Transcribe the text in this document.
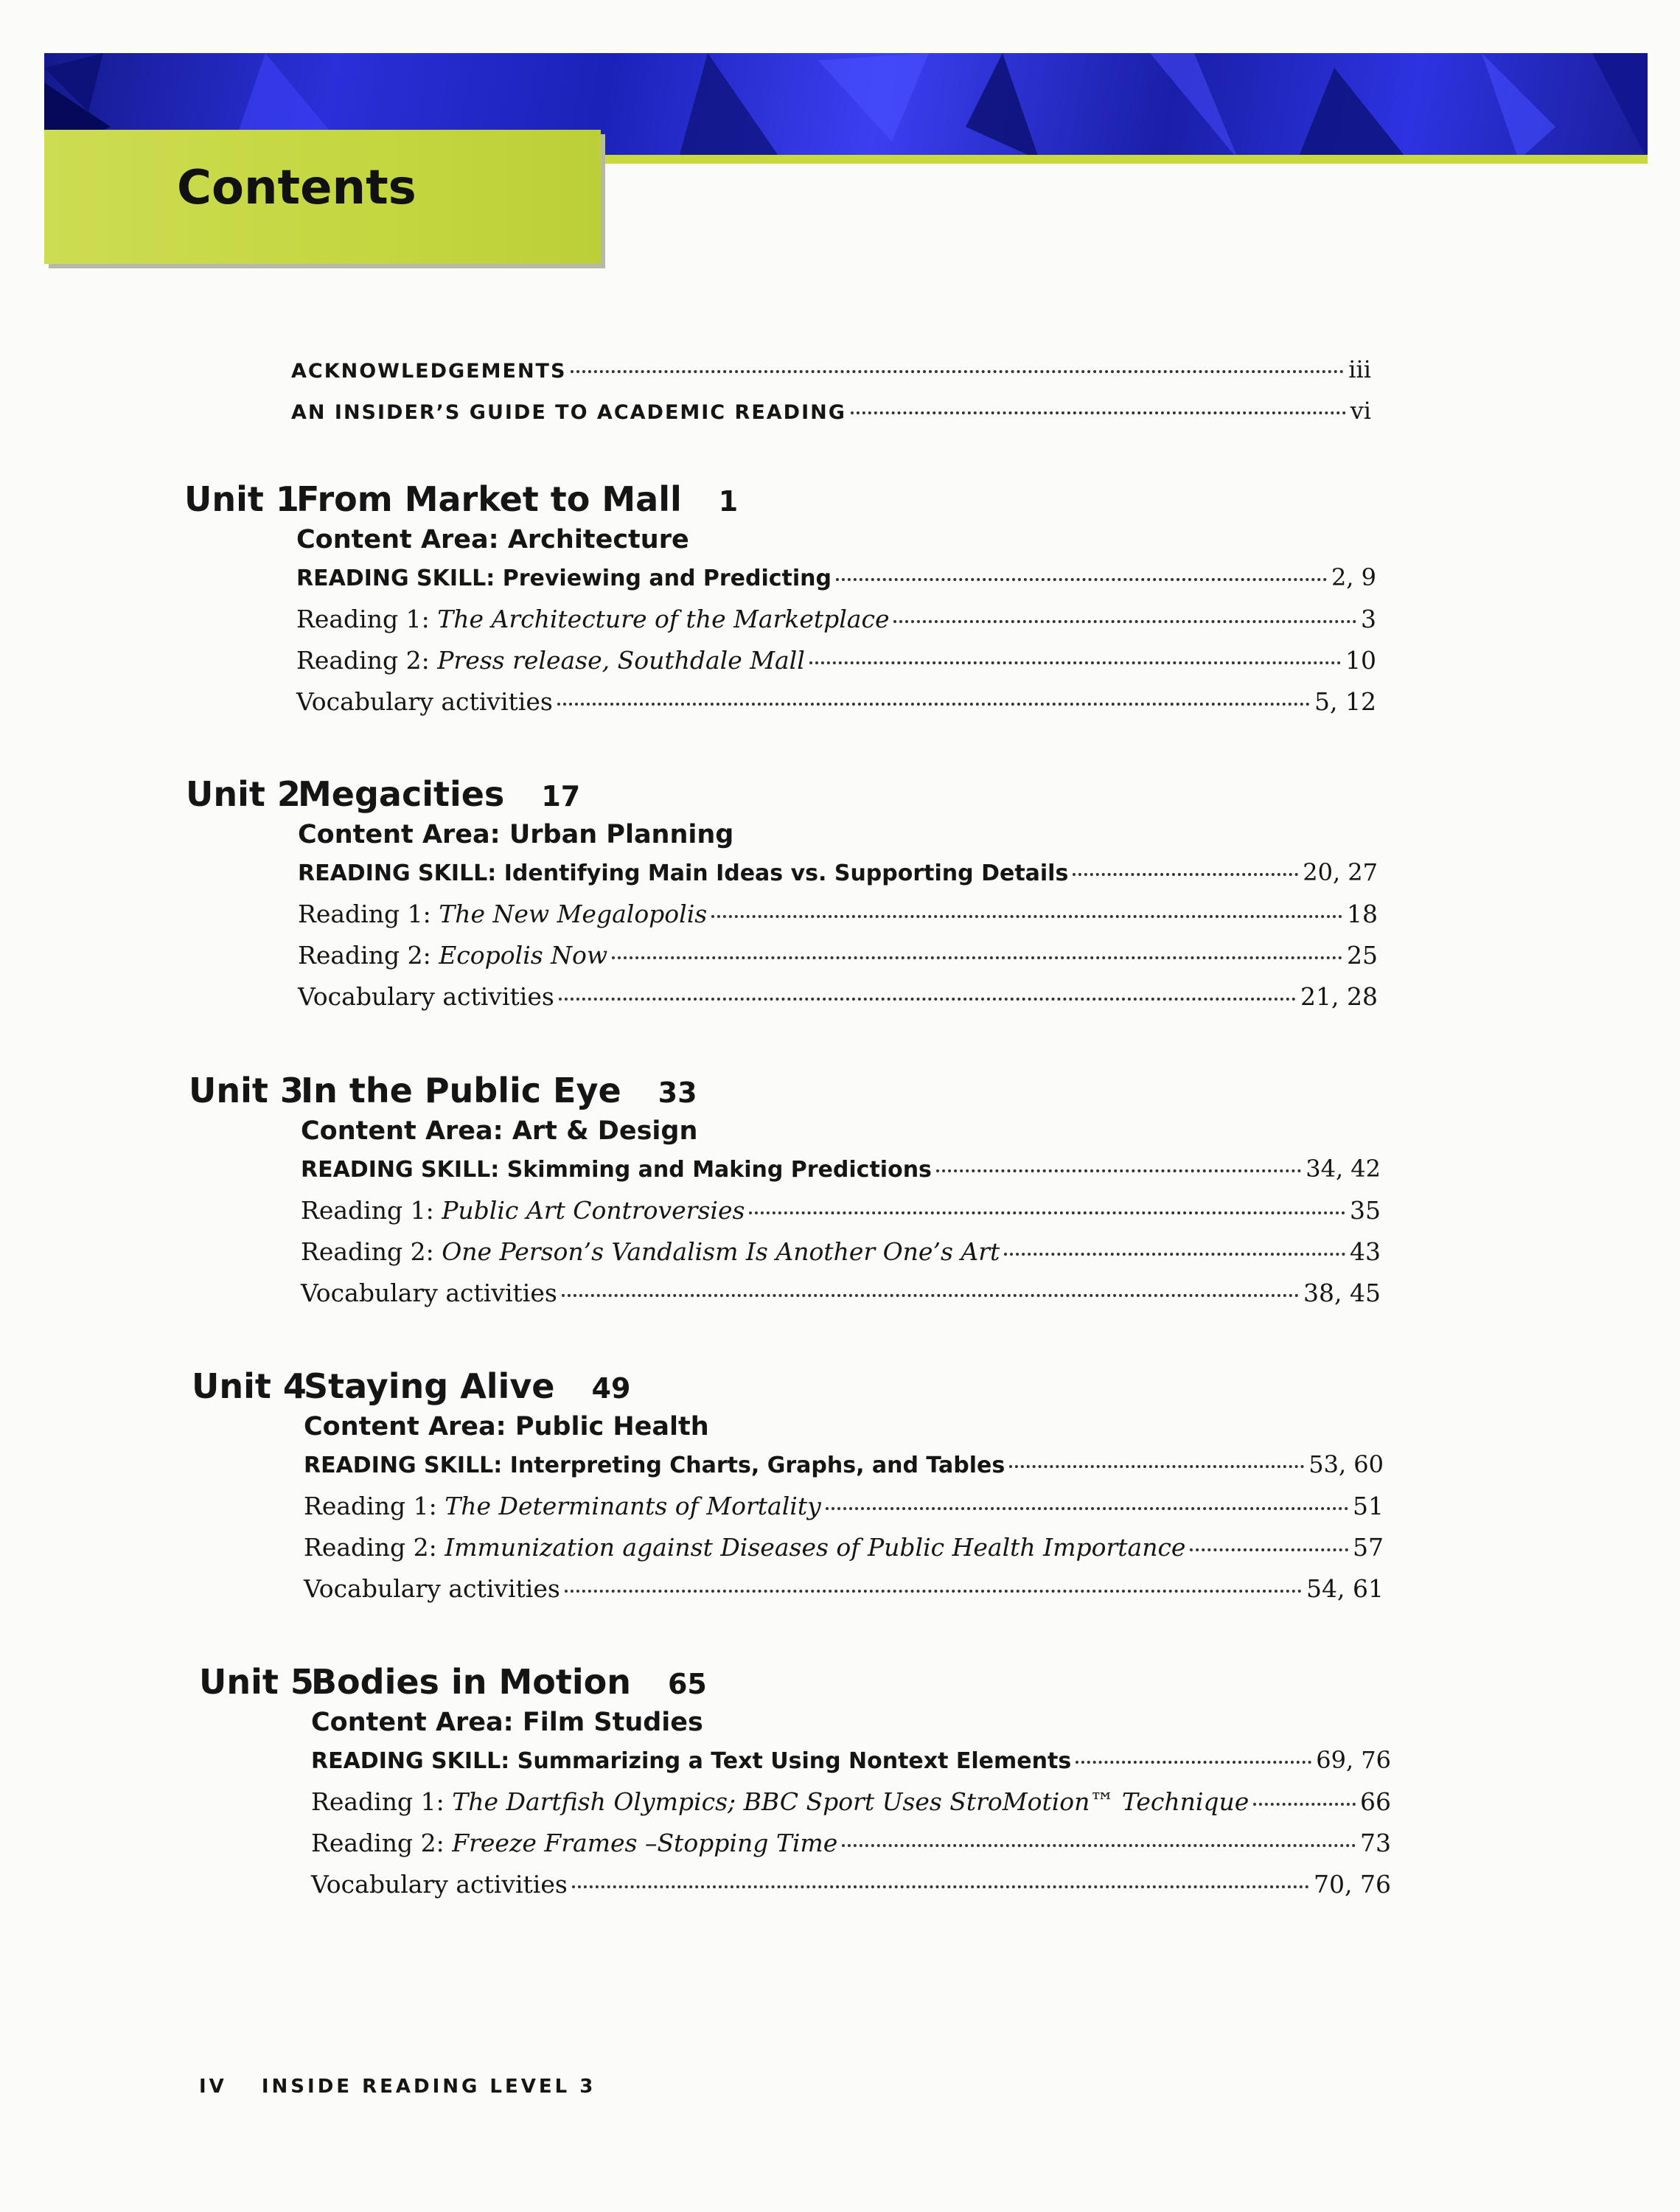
Contents
ACKNOWLEDGEMENTS	iii
AN INSIDER’S GUIDE TO ACADEMIC READING	vi
Unit 1
From Market to Mall 1
Content Area: Architecture
READING SKILL: Previewing and Predicting	2, 9
Reading 1: The Architecture of the Marketplace	3
Reading 2: Press release, Southdale Mall	10
Vocabulary activities	5, 12
Unit 2
Megacities 17
Content Area: Urban Planning
READING SKILL: Identifying Main Ideas vs. Supporting Details	20, 27
Reading 1: The New Megalopolis	18
Reading 2: Ecopolis Now	25
Vocabulary activities	21, 28
Unit 3
In the Public Eye 33
Content Area: Art & Design
READING SKILL: Skimming and Making Predictions	34, 42
Reading 1: Public Art Controversies	35
Reading 2: One Person’s Vandalism Is Another One’s Art	43
Vocabulary activities	38, 45
Unit 4
Staying Alive 49
Content Area: Public Health
READING SKILL: Interpreting Charts, Graphs, and Tables	53, 60
Reading 1: The Determinants of Mortality	51
Reading 2: Immunization against Diseases of Public Health Importance	57
Vocabulary activities	54, 61
Unit 5
Bodies in Motion 65
Content Area: Film Studies
READING SKILL: Summarizing a Text Using Nontext Elements	69, 76
Reading 1: The Dartfish Olympics; BBC Sport Uses StroMotion™ Technique	66
Reading 2: Freeze Frames –Stopping Time	73
Vocabulary activities	70, 76
IV INSIDE READING LEVEL 3
